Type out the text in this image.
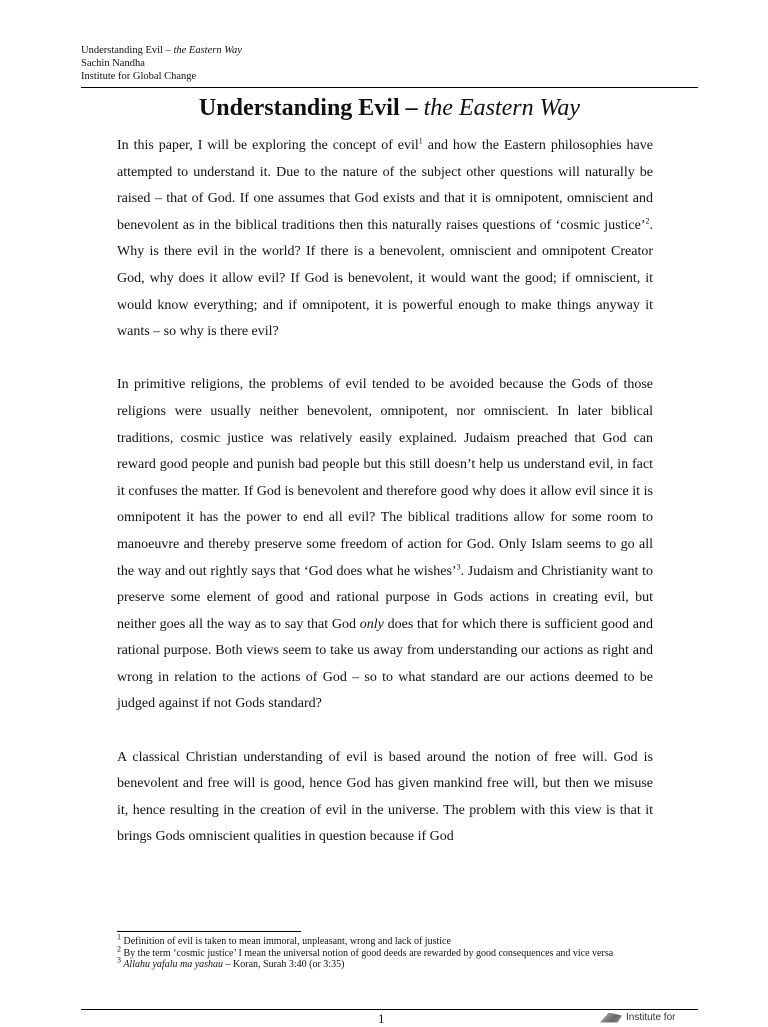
Understanding Evil – the Eastern Way
Sachin Nandha
Institute for Global Change
Understanding Evil – the Eastern Way

In this paper, I will be exploring the concept of evil$^1$ and how the Eastern philosophies have attempted to understand it. Due to the nature of the subject other questions will naturally be raised – that of God. If one assumes that God exists and that it is omnipotent, omniscient and benevolent as in the biblical traditions then this naturally raises questions of ‘cosmic justice’$^2$. Why is there evil in the world? If there is a benevolent, omniscient and omnipotent Creator God, why does it allow evil? If God is benevolent, it would want the good; if omniscient, it would know everything; and if omnipotent, it is powerful enough to make things anyway it wants – so why is there evil?

In primitive religions, the problems of evil tended to be avoided because the Gods of those religions were usually neither benevolent, omnipotent, nor omniscient. In later biblical traditions, cosmic justice was relatively easily explained. Judaism preached that God can reward good people and punish bad people but this still doesn’t help us understand evil, in fact it confuses the matter. If God is benevolent and therefore good why does it allow evil since it is omnipotent it has the power to end all evil? The biblical traditions allow for some room to manoeuvre and thereby preserve some freedom of action for God. Only Islam seems to go all the way and out rightly says that ‘God does what he wishes’$^3$. Judaism and Christianity want to preserve some element of good and rational purpose in Gods actions in creating evil, but neither goes all the way as to say that God only does that for which there is sufficient good and rational purpose. Both views seem to take us away from understanding our actions as right and wrong in relation to the actions of God – so to what standard are our actions deemed to be judged against if not Gods standard?

A classical Christian understanding of evil is based around the notion of free will. God is benevolent and free will is good, hence God has given mankind free will, but then we misuse it, hence resulting in the creation of evil in the universe. The problem with this view is that it brings Gods omniscient qualities in question because if God

$^1$ Definition of evil is taken to mean immoral, unpleasant, wrong and lack of justice

$^2$ By the term ‘cosmic justice’ I mean the universal notion of good deeds are rewarded by good consequences and vice versa

$^3$ Allahu yafalu ma yashau – Koran, Surah 3:40 (or 3:35)

1	Institute for
